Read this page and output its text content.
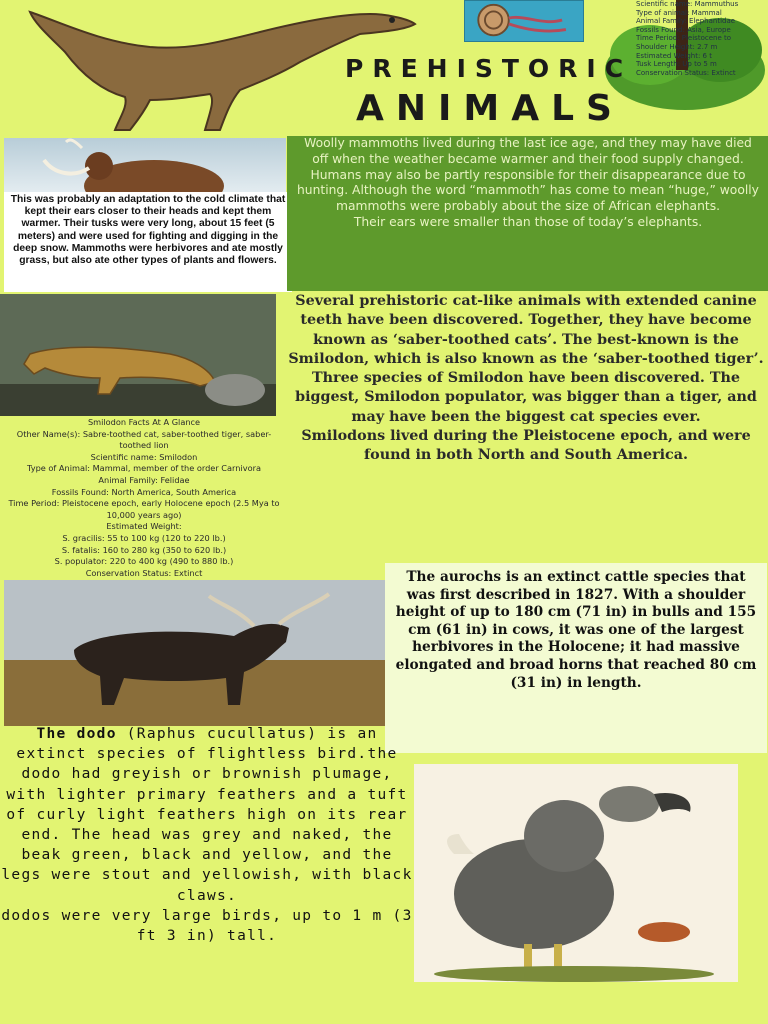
Scientific name: Mammuthus
Type of animal: Mammal
Animal Family: Elephantidae
Fossils Found: Asia, Europe
Time Period: Pleistocene to
Shoulder Height: 2.7 m
Estimated Weight: 6 t
Tusk Length: Up to 5 m
Conservation Status: Extinct
PREHISTORIC
ANIMALS
This was probably an adaptation to the cold climate that kept their ears closer to their heads and kept them warmer. Their tusks were very long, about 15 feet (5 meters) and were used for fighting and digging in the deep snow. Mammoths were herbivores and ate mostly grass, but also ate other types of plants and flowers.
Woolly mammoths lived during the last ice age, and they may have died off when the weather became warmer and their food supply changed. Humans may also be partly responsible for their disappearance due to hunting. Although the word “mammoth” has come to mean “huge,” woolly mammoths were probably about the size of African elephants.
Their ears were smaller than those of today’s elephants.
Smilodon Facts At A Glance
Other Name(s): Sabre-toothed cat, saber-toothed tiger, saber-toothed lion
Scientific name: Smilodon
Type of Animal: Mammal, member of the order Carnivora
Animal Family: Felidae
Fossils Found: North America, South America
Time Period: Pleistocene epoch, early Holocene epoch (2.5 Mya to 10,000 years ago)
Estimated Weight:
S. gracilis: 55 to 100 kg (120 to 220 lb.)
S. fatalis: 160 to 280 kg (350 to 620 lb.)
S. populator: 220 to 400 kg (490 to 880 lb.)
Conservation Status: Extinct
Several prehistoric cat-like animals with extended canine teeth have been discovered. Together, they have become known as ‘saber-toothed cats’. The best-known is the Smilodon, which is also known as the ‘saber-toothed tiger’. Three species of Smilodon have been discovered. The biggest, Smilodon populator, was bigger than a tiger, and may have been the biggest cat species ever.
Smilodons lived during the Pleistocene epoch, and were found in both North and South America.
The aurochs is an extinct cattle species that was first described in 1827. With a shoulder height of up to 180 cm (71 in) in bulls and 155 cm (61 in) in cows, it was one of the largest herbivores in the Holocene; it had massive elongated and broad horns that reached 80 cm (31 in) in length.
The dodo (Raphus cucullatus) is an extinct species of flightless bird.the dodo had greyish or brownish plumage, with lighter primary feathers and a tuft of curly light feathers high on its rear end. The head was grey and naked, the beak green, black and yellow, and the legs were stout and yellowish, with black claws.
dodos were very large birds, up to 1 m (3 ft 3 in) tall.
